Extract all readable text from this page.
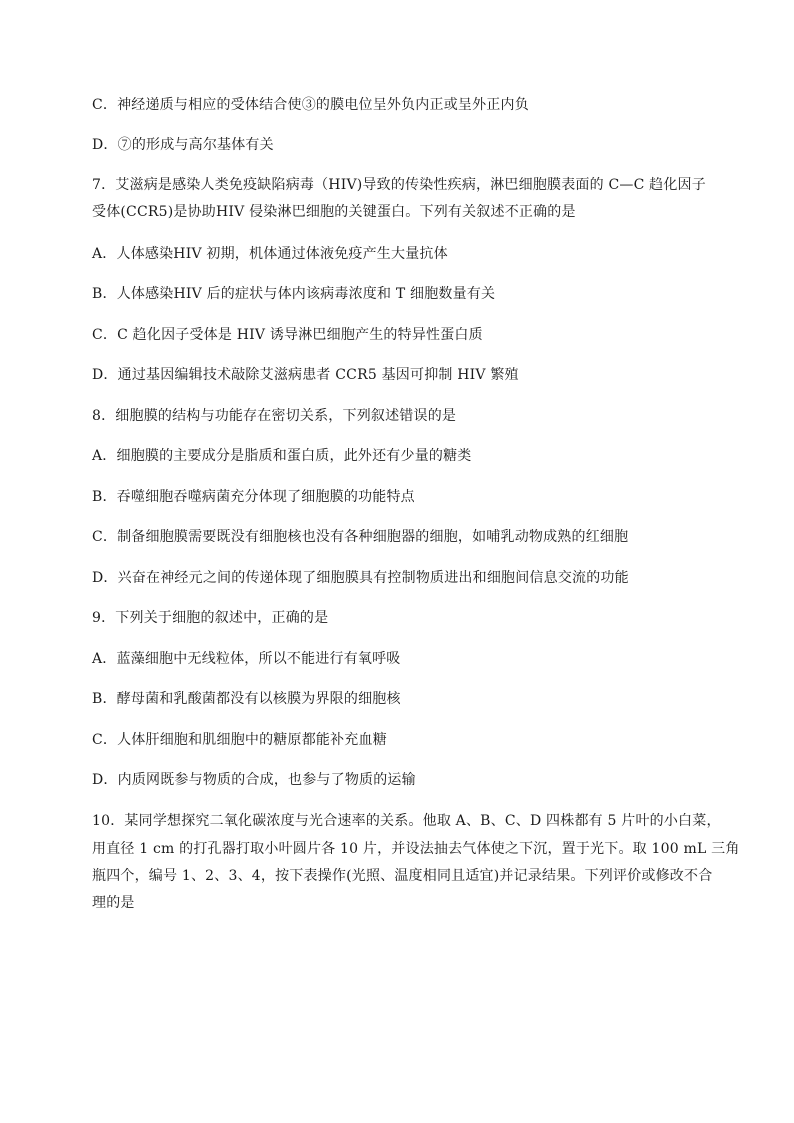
C．神经递质与相应的受体结合使③的膜电位呈外负内正或呈外正内负
D．⑦的形成与高尔基体有关
7．艾滋病是感染人类免疫缺陷病毒（HIV)导致的传染性疾病，淋巴细胞膜表面的 C—C 趋化因子
受体(CCR5)是协助HIV 侵染淋巴细胞的关键蛋白。下列有关叙述不正确的是
A．人体感染HIV 初期，机体通过体液免疫产生大量抗体
B．人体感染HIV 后的症状与体内该病毒浓度和 T 细胞数量有关
C．C 趋化因子受体是 HIV 诱导淋巴细胞产生的特异性蛋白质
D．通过基因编辑技术敲除艾滋病患者 CCR5 基因可抑制 HIV 繁殖
8．细胞膜的结构与功能存在密切关系，下列叙述错误的是
A．细胞膜的主要成分是脂质和蛋白质，此外还有少量的糖类
B．吞噬细胞吞噬病菌充分体现了细胞膜的功能特点
C．制备细胞膜需要既没有细胞核也没有各种细胞器的细胞，如哺乳动物成熟的红细胞
D．兴奋在神经元之间的传递体现了细胞膜具有控制物质进出和细胞间信息交流的功能
9．下列关于细胞的叙述中，正确的是
A．蓝藻细胞中无线粒体，所以不能进行有氧呼吸
B．酵母菌和乳酸菌都没有以核膜为界限的细胞核
C．人体肝细胞和肌细胞中的糖原都能补充血糖
D．内质网既参与物质的合成，也参与了物质的运输
10．某同学想探究二氧化碳浓度与光合速率的关系。他取 A、B、C、D 四株都有 5 片叶的小白菜，
用直径 1 cm 的打孔器打取小叶圆片各 10 片，并设法抽去气体使之下沉，置于光下。取 100 mL 三角
瓶四个，编号 1、2、3、4，按下表操作(光照、温度相同且适宜)并记录结果。下列评价或修改不合
理的是
